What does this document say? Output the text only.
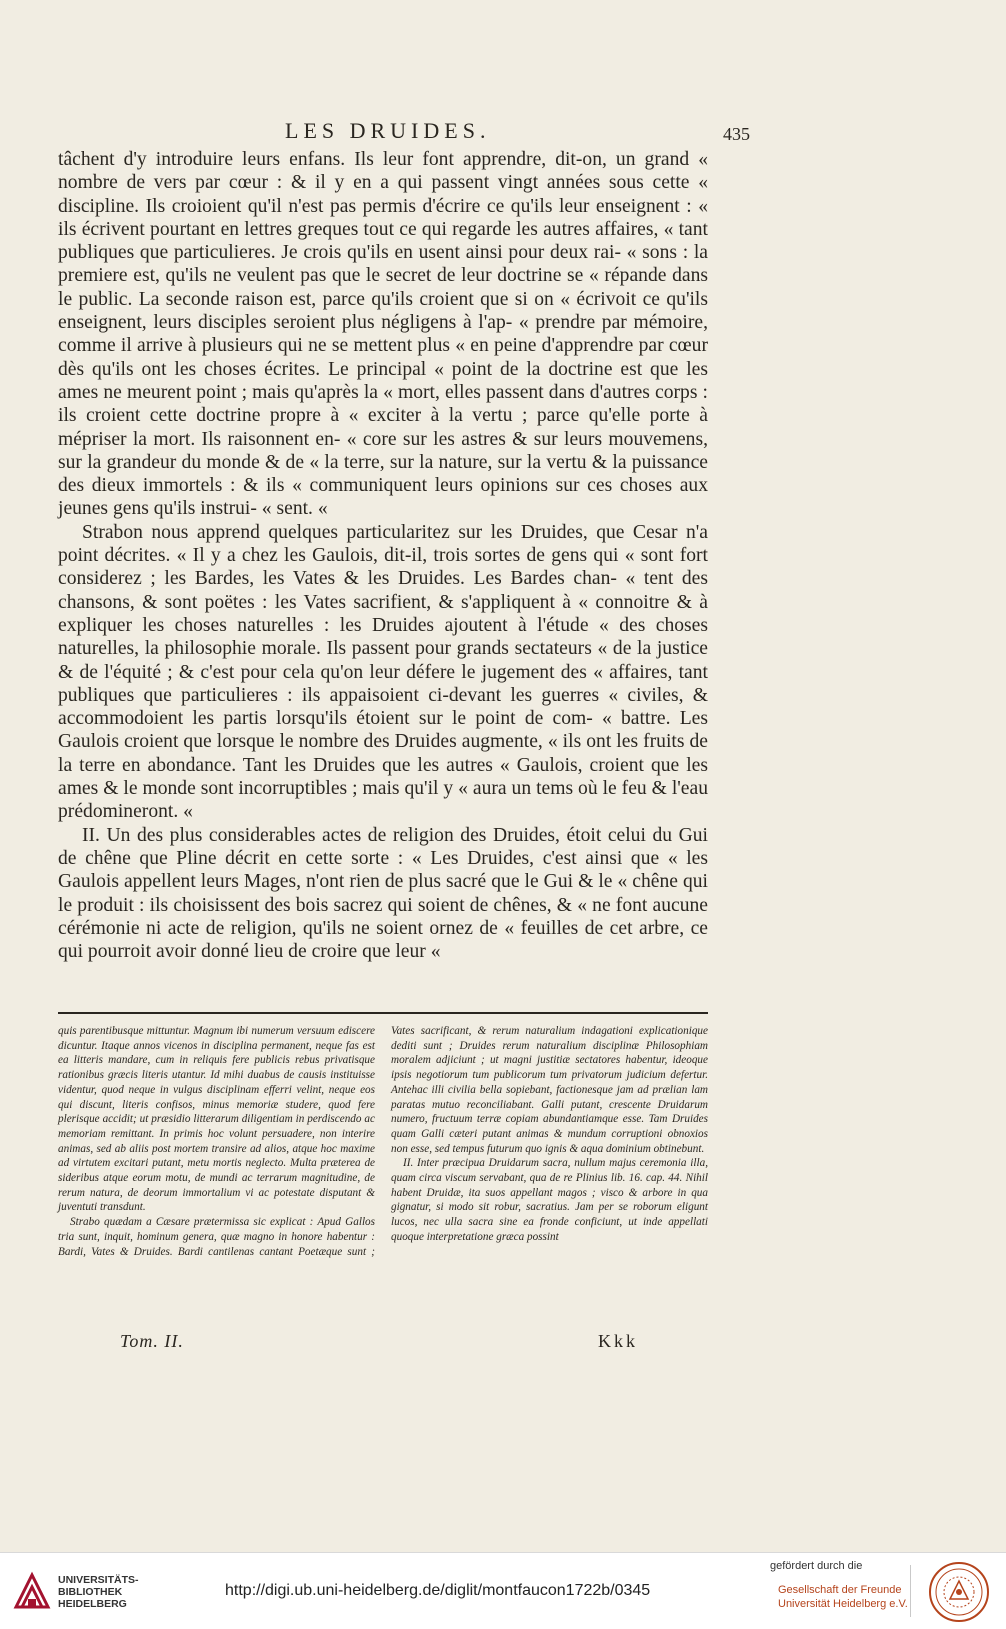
LES DRUIDES.	435

tâchent d'y introduire leurs enfans. Ils leur font apprendre, dit-on, un grand « nombre de vers par cœur : & il y en a qui passent vingt années sous cette « discipline. Ils croioient qu'il n'est pas permis d'écrire ce qu'ils leur enseignent : « ils écrivent pourtant en lettres greques tout ce qui regarde les autres affaires, « tant publiques que particulieres. Je crois qu'ils en usent ainsi pour deux rai- « sons : la premiere est, qu'ils ne veulent pas que le secret de leur doctrine se « répande dans le public. La seconde raison est, parce qu'ils croient que si on « écrivoit ce qu'ils enseignent, leurs disciples seroient plus négligens à l'ap- « prendre par mémoire, comme il arrive à plusieurs qui ne se mettent plus « en peine d'apprendre par cœur dès qu'ils ont les choses écrites. Le principal « point de la doctrine est que les ames ne meurent point ; mais qu'après la « mort, elles passent dans d'autres corps : ils croient cette doctrine propre à « exciter à la vertu ; parce qu'elle porte à mépriser la mort. Ils raisonnent en- « core sur les astres & sur leurs mouvemens, sur la grandeur du monde & de « la terre, sur la nature, sur la vertu & la puissance des dieux immortels : & ils « communiquent leurs opinions sur ces choses aux jeunes gens qu'ils instrui- « sent. «

Strabon nous apprend quelques particularitez sur les Druides, que Cesar n'a point décrites. « Il y a chez les Gaulois, dit-il, trois sortes de gens qui « sont fort considerez ; les Bardes, les Vates & les Druides. Les Bardes chan- « tent des chansons, & sont poëtes : les Vates sacrifient, & s'appliquent à « connoitre & à expliquer les choses naturelles : les Druides ajoutent à l'étude « des choses naturelles, la philosophie morale. Ils passent pour grands sectateurs « de la justice & de l'équité ; & c'est pour cela qu'on leur défere le jugement des « affaires, tant publiques que particulieres : ils appaisoient ci-devant les guerres « civiles, & accommodoient les partis lorsqu'ils étoient sur le point de com- « battre. Les Gaulois croient que lorsque le nombre des Druides augmente, « ils ont les fruits de la terre en abondance. Tant les Druides que les autres « Gaulois, croient que les ames & le monde sont incorruptibles ; mais qu'il y « aura un tems où le feu & l'eau prédomineront. «

II. Un des plus considerables actes de religion des Druides, étoit celui du Gui de chêne que Pline décrit en cette sorte : « Les Druides, c'est ainsi que « les Gaulois appellent leurs Mages, n'ont rien de plus sacré que le Gui & le « chêne qui le produit : ils choisissent des bois sacrez qui soient de chênes, & « ne font aucune cérémonie ni acte de religion, qu'ils ne soient ornez de « feuilles de cet arbre, ce qui pourroit avoir donné lieu de croire que leur «

quis parentibusque mittuntur. Magnum ibi numerum versuum ediscere dicuntur. Itaque annos vicenos in disciplina permanent, neque fas est ea litteris mandare, cum in reliquis fere publicis rebus privatisque rationibus græcis literis utantur. Id mihi duabus de causis instituisse videntur, quod neque in vulgus disciplinam efferri velint, neque eos qui discunt, literis confisos, minus memoriæ studere, quod fere plerisque accidit; ut præsidio litterarum diligentiam in perdiscendo ac memoriam remittant. In primis hoc volunt persuadere, non interire animas, sed ab aliis post mortem transire ad alios, atque hoc maxime ad virtutem excitari putant, metu mortis neglecto. Multa præterea de sideribus atque eorum motu, de mundi ac terrarum magnitudine, de rerum natura, de deorum immortalium vi ac potestate disputant & juventuti transdunt.

Strabo quædam a Cæsare prætermissa sic explicat : Apud Gallos tria sunt, inquit, hominum genera, quæ magno in honore habentur : Bardi, Vates & Druides. Bardi cantilenas cantant Poetæque sunt ; Vates sacrificant, & rerum naturalium indagationi explicationique dediti sunt ; Druides rerum naturalium disciplinæ Philosophiam moralem adjiciunt ; ut magni justitiæ sectatores habentur, ideoque ipsis negotiorum tum publicorum tum privatorum judicium defertur. Antehac illi civilia bella sopiebant, factionesque jam ad prælian lam paratas mutuo reconciliabant. Galli putant, crescente Druidarum numero, fructuum terræ copiam abundantiamque esse. Tam Druides quam Galli cæteri putant animas & mundum corruptioni obnoxios non esse, sed tempus futurum quo ignis & aqua dominium obtinebunt.

II. Inter præcipua Druidarum sacra, nullum majus ceremonia illa, quam circa viscum servabant, qua de re Plinius lib. 16. cap. 44. Nihil habent Druidæ, ita suos appellant magos ; visco & arbore in qua gignatur, si modo sit robur, sacratius. Jam per se roborum eligunt lucos, nec ulla sacra sine ea fronde conficiunt, ut inde appellati quoque interpretatione græca possint

Tom. II.	Kkk
UNIVERSITÄTS-
BIBLIOTHEK
HEIDELBERG
http://digi.ub.uni-heidelberg.de/diglit/montfaucon1722b/0345
gefördert durch die
Gesellschaft der Freunde
Universität Heidelberg e.V.
